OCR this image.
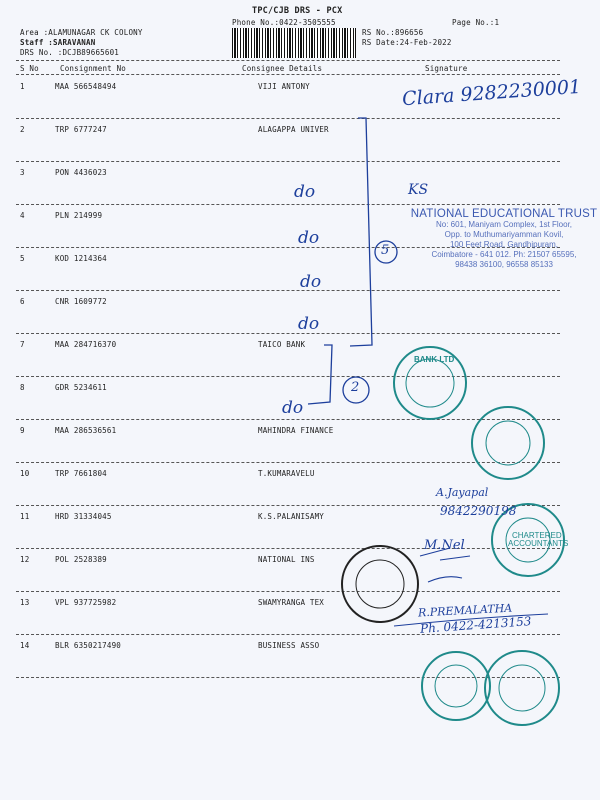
TPC/CJB DRS - PCX
Phone No.:0422-3505555	Page No.:1
Area :ALAMUNAGAR CK COLONY
Staff :SARAVANAN
DRS No. :DCJB89665601
RS No.:896656
RS Date:24-Feb-2022
S No	Consignment No	Consignee Details	Signature
1	MAA 566548494	VIJI ANTONY
2	TRP 6777247	ALAGAPPA UNIVER
3	PON 4436023
4	PLN 214999
5	KOD 1214364
6	CNR 1609772
7	MAA 284716370	TAICO BANK
8	GDR 5234611
9	MAA 286536561	MAHINDRA FINANCE
10	TRP 7661804	T.KUMARAVELU
11	HRD 31334045	K.S.PALANISAMY
12	POL 2528389	NATIONAL INS
13	VPL 937725982	SWAMYRANGA TEX
14	BLR 6350217490	BUSINESS ASSO
NATIONAL EDUCATIONAL TRUST
No: 601, Maniyam Complex, 1st Floor,
Opp. to Muthumariyamman Kovil,
100 Feet Road, Gandhipuram,
Coimbatore - 641 012. Ph: 21507 65595,
98438 36100, 96558 85133
BANK LTD
CHARTERED
ACCOUNTANTS
Clara 9282230001
do	KS
do
do
do
do
5
2
A.Jayapal
9842290198
M.Nel
R.PREMALATHA
Ph. 0422-4213153
